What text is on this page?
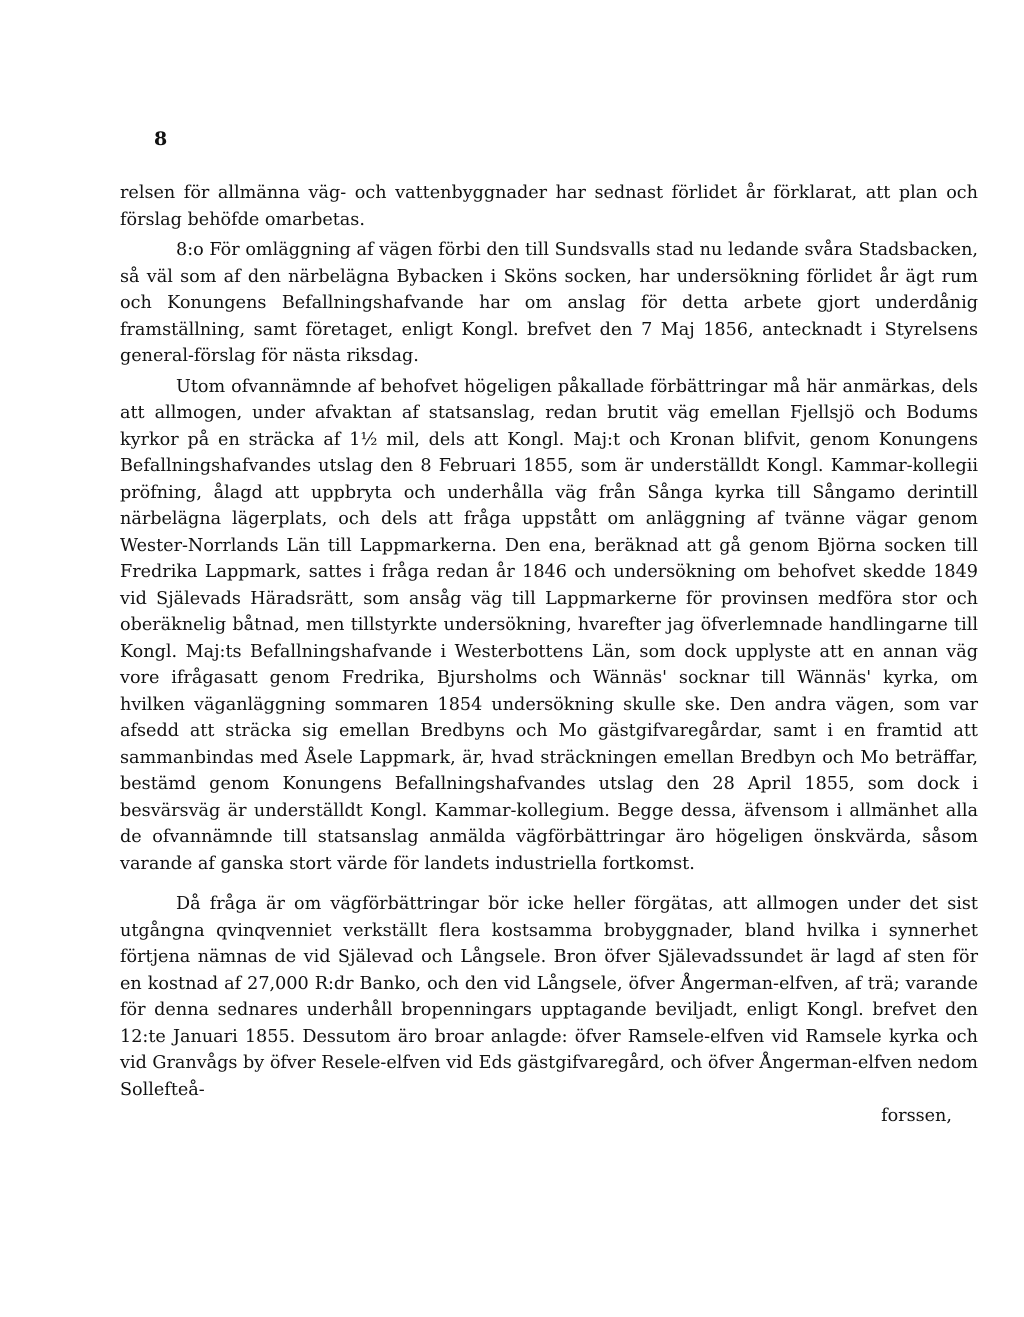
8

relsen för allmänna väg- och vattenbyggnader har sednast förlidet år förklarat, att plan och förslag behöfde omarbetas.

8:o För omläggning af vägen förbi den till Sundsvalls stad nu ledande svåra Stadsbacken, så väl som af den närbelägna Bybacken i Sköns socken, har undersökning förlidet år ägt rum och Konungens Befallningshafvande har om anslag för detta arbete gjort underdånig framställning, samt företaget, enligt Kongl. brefvet den 7 Maj 1856, antecknadt i Styrelsens general-förslag för nästa riksdag.

Utom ofvannämnde af behofvet högeligen påkallade förbättringar må här anmärkas, dels att allmogen, under afvaktan af statsanslag, redan brutit väg emellan Fjellsjö och Bodums kyrkor på en sträcka af 1½ mil, dels att Kongl. Maj:t och Kronan blifvit, genom Konungens Befallningshafvandes utslag den 8 Februari 1855, som är underställdt Kongl. Kammar-kollegii pröfning, ålagd att uppbryta och underhålla väg från Sånga kyrka till Sångamo derintill närbelägna lägerplats, och dels att fråga uppstått om anläggning af tvänne vägar genom Wester-Norrlands Län till Lappmarkerna. Den ena, beräknad att gå genom Björna socken till Fredrika Lappmark, sattes i fråga redan år 1846 och undersökning om behofvet skedde 1849 vid Själevads Häradsrätt, som ansåg väg till Lappmarkerne för provinsen medföra stor och oberäknelig båtnad, men tillstyrkte undersökning, hvarefter jag öfverlemnade handlingarne till Kongl. Maj:ts Befallningshafvande i Westerbottens Län, som dock upplyste att en annan väg vore ifrågasatt genom Fredrika, Bjursholms och Wännäs' socknar till Wännäs' kyrka, om hvilken väganläggning sommaren 1854 undersökning skulle ske. Den andra vägen, som var afsedd att sträcka sig emellan Bredbyns och Mo gästgifvaregårdar, samt i en framtid att sammanbindas med Åsele Lappmark, är, hvad sträckningen emellan Bredbyn och Mo beträffar, bestämd genom Konungens Befallningshafvandes utslag den 28 April 1855, som dock i besvärsväg är underställdt Kongl. Kammar-kollegium. Begge dessa, äfvensom i allmänhet alla de ofvannämnde till statsanslag anmälda vägförbättringar äro högeligen önskvärda, såsom varande af ganska stort värde för landets industriella fortkomst.

Då fråga är om vägförbättringar bör icke heller förgätas, att allmogen under det sist utgångna qvinqvenniet verkställt flera kostsamma brobyggnader, bland hvilka i synnerhet förtjena nämnas de vid Själevad och Långsele. Bron öfver Själevadssundet är lagd af sten för en kostnad af 27,000 R:dr Banko, och den vid Långsele, öfver Ångerman-elfven, af trä; varande för denna sednares underhåll bropenningars upptagande beviljadt, enligt Kongl. brefvet den 12:te Januari 1855. Dessutom äro broar anlagde: öfver Ramsele-elfven vid Ramsele kyrka och vid Granvågs by öfver Resele-elfven vid Eds gästgifvaregård, och öfver Ångerman-elfven nedom Sollefteå-

forssen,
